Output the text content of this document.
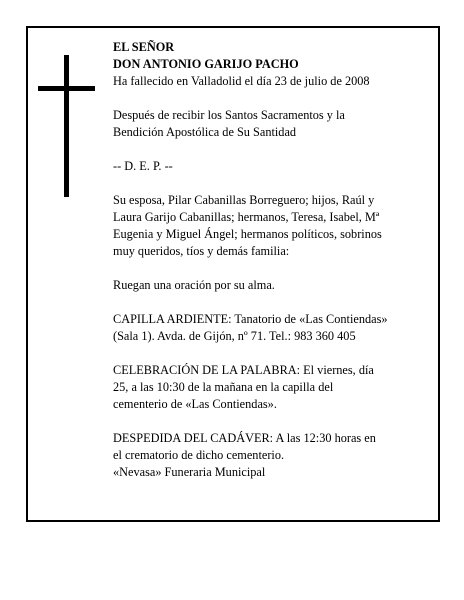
EL SEÑOR
DON ANTONIO GARIJO PACHO
Ha fallecido en Valladolid el día 23 de julio de 2008

Después de recibir los Santos Sacramentos y la
Bendición Apostólica de Su Santidad

-- D. E. P. --

Su esposa, Pilar Cabanillas Borreguero; hijos, Raúl y
Laura Garijo Cabanillas; hermanos, Teresa, Isabel, Mª
Eugenia y Miguel Ángel; hermanos políticos, sobrinos
muy queridos, tíos y demás familia:

Ruegan una oración por su alma.

CAPILLA ARDIENTE: Tanatorio de «Las Contiendas»
(Sala 1). Avda. de Gijón, nº 71. Tel.: 983 360 405

CELEBRACIÓN DE LA PALABRA: El viernes, día
25, a las 10:30 de la mañana en la capilla del
cementerio de «Las Contiendas».

DESPEDIDA DEL CADÁVER: A las 12:30 horas en
el crematorio de dicho cementerio.
«Nevasa» Funeraria Municipal
